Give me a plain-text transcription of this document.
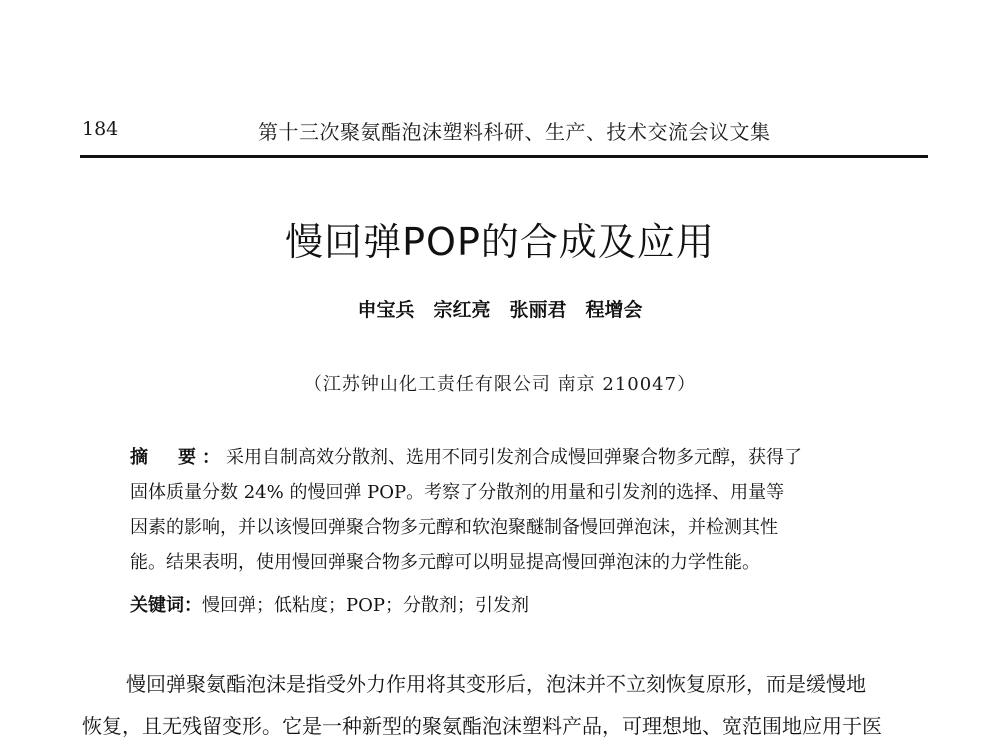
184	第十三次聚氨酯泡沫塑料科研、生产、技术交流会议文集
慢回弹POP的合成及应用
申宝兵　宗红亮　张丽君　程增会
（江苏钟山化工责任有限公司 南京 210047）
摘　要：采用自制高效分散剂、选用不同引发剂合成慢回弹聚合物多元醇，获得了
固体质量分数 24% 的慢回弹 POP。考察了分散剂的用量和引发剂的选择、用量等
因素的影响，并以该慢回弹聚合物多元醇和软泡聚醚制备慢回弹泡沫，并检测其性
能。结果表明，使用慢回弹聚合物多元醇可以明显提高慢回弹泡沫的力学性能。
关键词：慢回弹；低粘度；POP；分散剂；引发剂
慢回弹聚氨酯泡沫是指受外力作用将其变形后，泡沫并不立刻恢复原形，而是缓慢地
恢复，且无残留变形。它是一种新型的聚氨酯泡沫塑料产品，可理想地、宽范围地应用于医
